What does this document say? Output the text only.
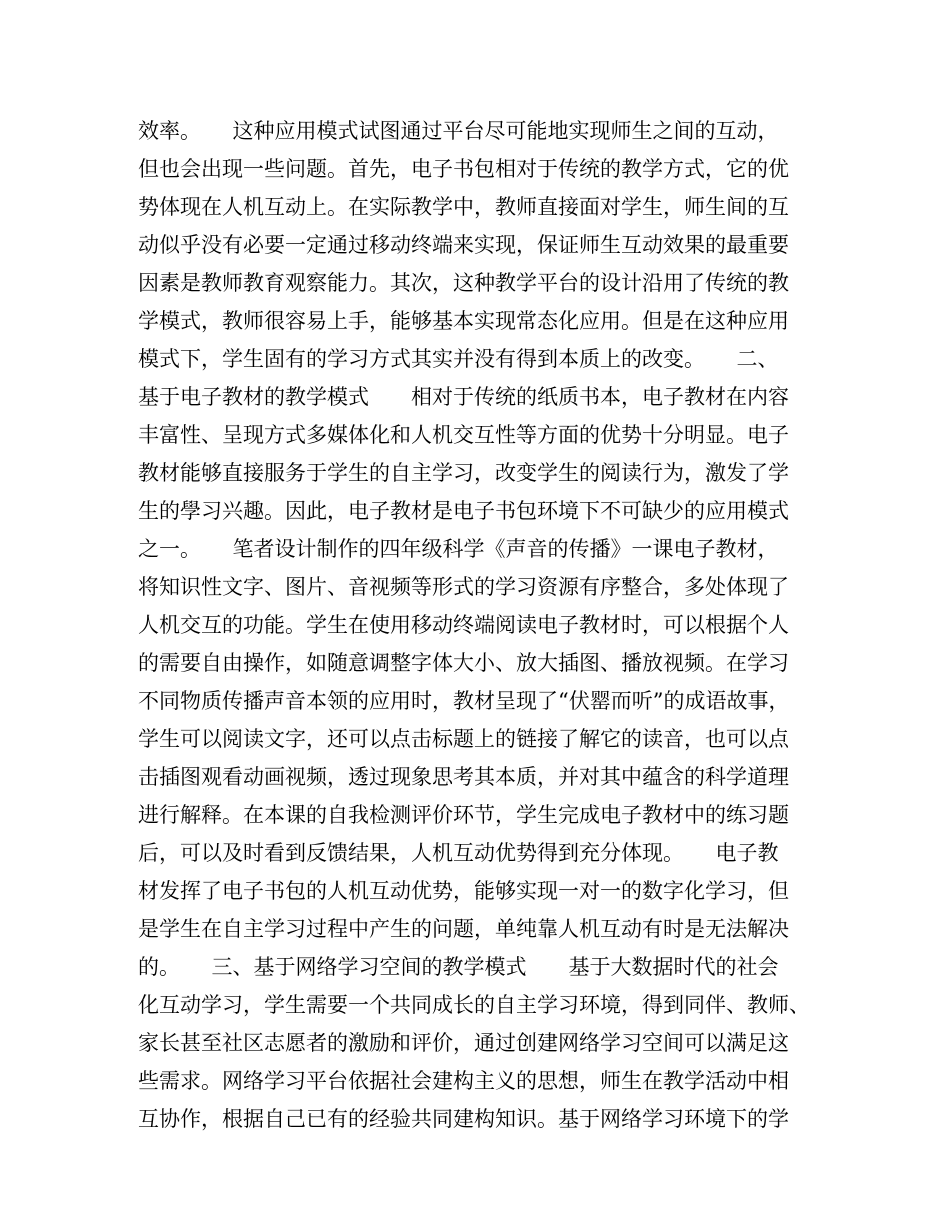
效率。　　这种应用模式试图通过平台尽可能地实现师生之间的互动，
但也会出现一些问题。首先，电子书包相对于传统的教学方式，它的优
势体现在人机互动上。在实际教学中，教师直接面对学生，师生间的互
动似乎没有必要一定通过移动终端来实现，保证师生互动效果的最重要
因素是教师教育观察能力。其次，这种教学平台的设计沿用了传统的教
学模式，教师很容易上手，能够基本实现常态化应用。但是在这种应用
模式下，学生固有的学习方式其实并没有得到本质上的改变。　　二、
基于电子教材的教学模式　　相对于传统的纸质书本，电子教材在内容
丰富性、呈现方式多媒体化和人机交互性等方面的优势十分明显。电子
教材能够直接服务于学生的自主学习，改变学生的阅读行为，激发了学
生的學习兴趣。因此，电子教材是电子书包环境下不可缺少的应用模式
之一。　　笔者设计制作的四年级科学《声音的传播》一课电子教材，
将知识性文字、图片、音视频等形式的学习资源有序整合，多处体现了
人机交互的功能。学生在使用移动终端阅读电子教材时，可以根据个人
的需要自由操作，如随意调整字体大小、放大插图、播放视频。在学习
不同物质传播声音本领的应用时，教材呈现了“伏罂而听”的成语故事，
学生可以阅读文字，还可以点击标题上的链接了解它的读音，也可以点
击插图观看动画视频，透过现象思考其本质，并对其中蕴含的科学道理
进行解释。在本课的自我检测评价环节，学生完成电子教材中的练习题
后，可以及时看到反馈结果，人机互动优势得到充分体现。　　电子教
材发挥了电子书包的人机互动优势，能够实现一对一的数字化学习，但
是学生在自主学习过程中产生的问题，单纯靠人机互动有时是无法解决
的。　　三、基于网络学习空间的教学模式　　基于大数据时代的社会
化互动学习，学生需要一个共同成长的自主学习环境，得到同伴、教师、
家长甚至社区志愿者的激励和评价，通过创建网络学习空间可以满足这
些需求。网络学习平台依据社会建构主义的思想，师生在教学活动中相
互协作，根据自己已有的经验共同建构知识。基于网络学习环境下的学
